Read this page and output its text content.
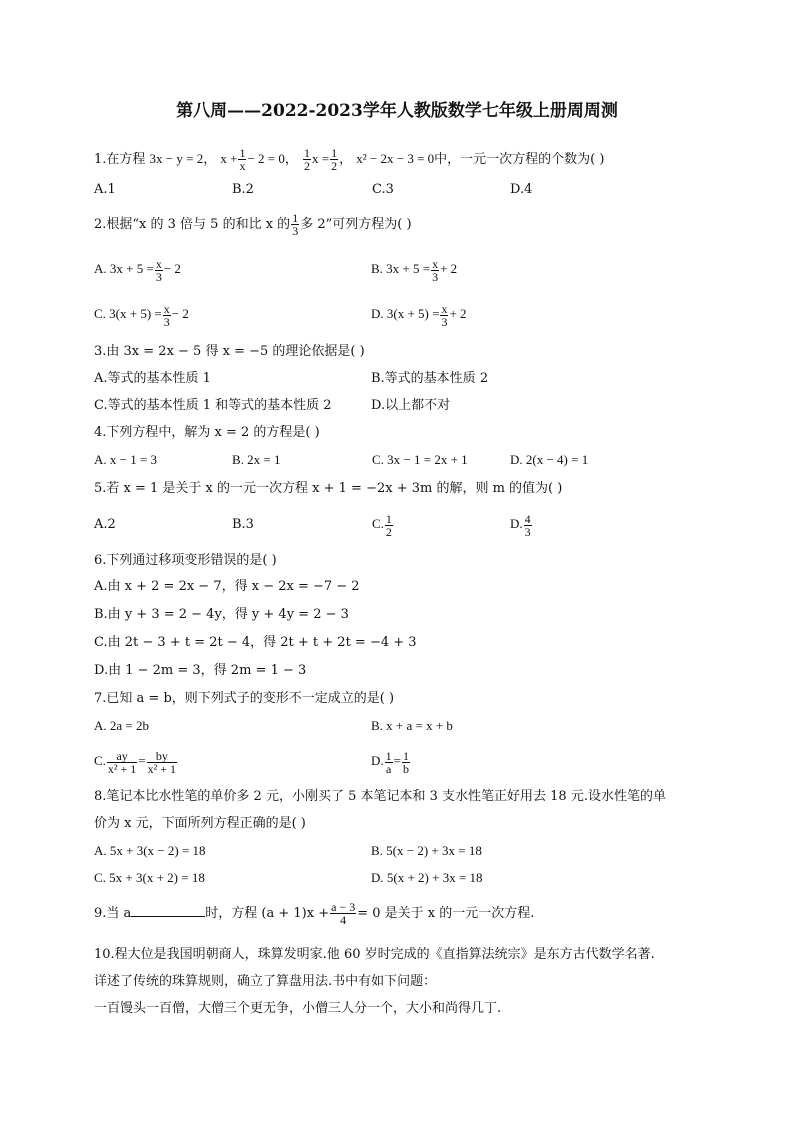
第八周——2022-2023学年人教版数学七年级上册周周测
1.在方程 3x − y = 2， $x + \frac{1}{x} - 2 = 0$， $\frac{1}{2}$ $x = \frac{1}{2}$ ， x² − 2x − 3 = 0中，一元一次方程的个数为( )
A.1	B.2	C.3	D.4
2.根据“x 的 3 倍与 5 的和比 x 的 $\frac{1}{3}$ 多 2”可列方程为( )
A. $3x + 5 = \frac{x}{3} - 2$	B. $3x + 5 = \frac{x}{3} + 2$
C. $3(x + 5) = \frac{x}{3} - 2$	D. $3(x + 5) = \frac{x}{3} + 2$
3.由 3x = 2x − 5 得 x = −5 的理论依据是( )
A.等式的基本性质 1	B.等式的基本性质 2
C.等式的基本性质 1 和等式的基本性质 2	D.以上都不对
4.下列方程中，解为 x = 2 的方程是( )
A. x − 1 = 3	B. 2x = 1	C. 3x − 1 = 2x + 1	D. 2(x − 4) = 1
5.若 x = 1 是关于 x 的一元一次方程 x + 1 = −2x + 3m 的解，则 m 的值为( )
A.2	B.3	C. $\frac{1}{2}$	D. $\frac{4}{3}$
6.下列通过移项变形错误的是( )
A.由 x + 2 = 2x − 7，得 x − 2x = −7 − 2
B.由 y + 3 = 2 − 4y，得 y + 4y = 2 − 3
C.由 2t − 3 + t = 2t − 4，得 2t + t + 2t = −4 + 3
D.由 1 − 2m = 3，得 2m = 1 − 3
7.已知 a = b，则下列式子的变形不一定成立的是( )
A. 2a = 2b	B. x + a = x + b
C. $\frac{ay}{\text{x² + 1}} = \frac{by}{\text{x² + 1}}$	D. $\frac{1}{a} = \frac{1}{b}$
8.笔记本比水性笔的单价多 2 元，小刚买了 5 本笔记本和 3 支水性笔正好用去 18 元.设水性笔的单
价为 x 元，下面所列方程正确的是( )
A. 5x + 3(x − 2) = 18	B. 5(x − 2) + 3x = 18
C. 5x + 3(x + 2) = 18	D. 5(x + 2) + 3x = 18
9.当 a	时，方程 $(a + 1)x + \frac{a - 3}{4} = 0$ 是关于 x 的一元一次方程.
10.程大位是我国明朝商人，珠算发明家.他 60 岁时完成的《直指算法统宗》是东方古代数学名著.
详述了传统的珠算规则，确立了算盘用法.书中有如下问题：
一百馒头一百僧，大僧三个更无争，小僧三人分一个，大小和尚得几丁.
